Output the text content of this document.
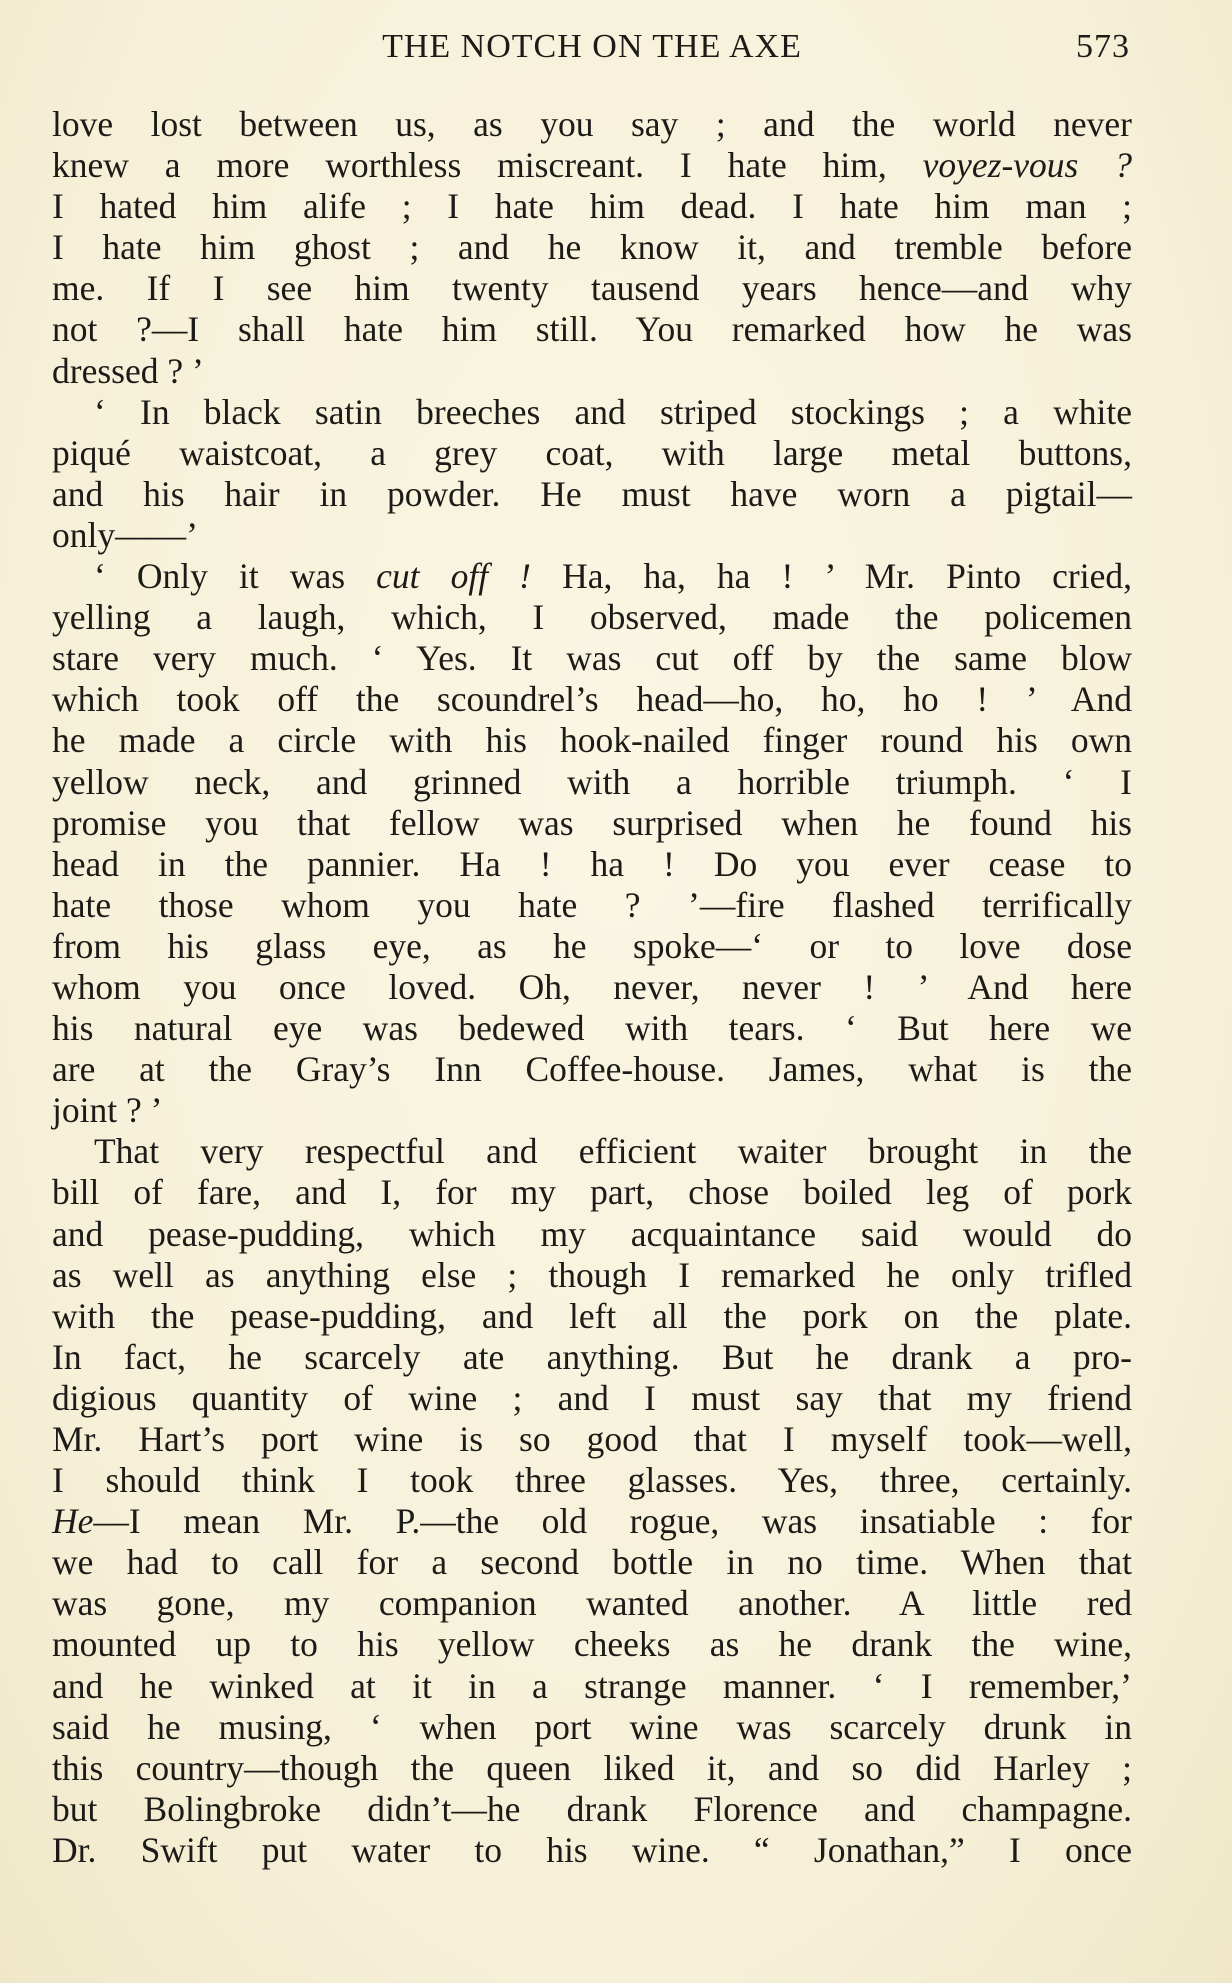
THE NOTCH ON THE AXE	573
love lost between us, as you say ; and the world never
knew a more worthless miscreant. I hate him, voyez-vous ?
I hated him alife ; I hate him dead. I hate him man ;
I hate him ghost ; and he know it, and tremble before
me. If I see him twenty tausend years hence—and why
not ?—I shall hate him still. You remarked how he was
dressed ? ’
‘ In black satin breeches and striped stockings ; a white
piqué waistcoat, a grey coat, with large metal buttons,
and his hair in powder. He must have worn a pigtail—
only——’
‘ Only it was cut off ! Ha, ha, ha ! ’ Mr. Pinto cried,
yelling a laugh, which, I observed, made the policemen
stare very much. ‘ Yes. It was cut off by the same blow
which took off the scoundrel’s head—ho, ho, ho ! ’ And
he made a circle with his hook-nailed finger round his own
yellow neck, and grinned with a horrible triumph. ‘ I
promise you that fellow was surprised when he found his
head in the pannier. Ha ! ha ! Do you ever cease to
hate those whom you hate ? ’—fire flashed terrifically
from his glass eye, as he spoke—‘ or to love dose
whom you once loved. Oh, never, never ! ’ And here
his natural eye was bedewed with tears. ‘ But here we
are at the Gray’s Inn Coffee-house. James, what is the
joint ? ’
That very respectful and efficient waiter brought in the
bill of fare, and I, for my part, chose boiled leg of pork
and pease-pudding, which my acquaintance said would do
as well as anything else ; though I remarked he only trifled
with the pease-pudding, and left all the pork on the plate.
In fact, he scarcely ate anything. But he drank a pro-
digious quantity of wine ; and I must say that my friend
Mr. Hart’s port wine is so good that I myself took—well,
I should think I took three glasses. Yes, three, certainly.
He—I mean Mr. P.—the old rogue, was insatiable : for
we had to call for a second bottle in no time. When that
was gone, my companion wanted another. A little red
mounted up to his yellow cheeks as he drank the wine,
and he winked at it in a strange manner. ‘ I remember,’
said he musing, ‘ when port wine was scarcely drunk in
this country—though the queen liked it, and so did Harley ;
but Bolingbroke didn’t—he drank Florence and champagne.
Dr. Swift put water to his wine. “ Jonathan,” I once
